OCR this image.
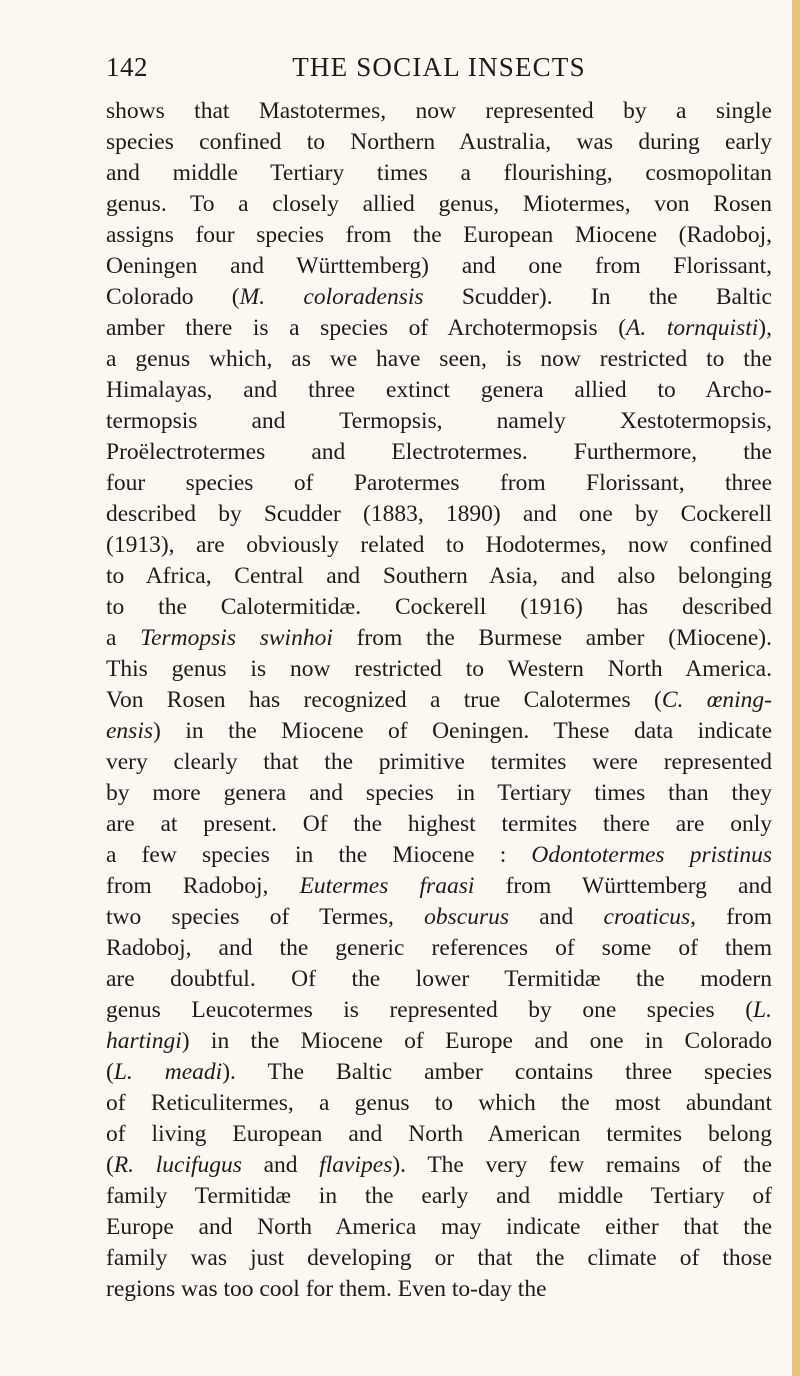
142	THE SOCIAL INSECTS
shows that Mastotermes, now represented by a single
species confined to Northern Australia, was during early
and middle Tertiary times a flourishing, cosmopolitan
genus. To a closely allied genus, Miotermes, von Rosen
assigns four species from the European Miocene (Radoboj,
Oeningen and Württemberg) and one from Florissant,
Colorado (M. coloradensis Scudder). In the Baltic
amber there is a species of Archotermopsis (A. tornquisti),
a genus which, as we have seen, is now restricted to the
Himalayas, and three extinct genera allied to Archo-
termopsis and Termopsis, namely Xestotermopsis,
Proëlectrotermes and Electrotermes. Furthermore, the
four species of Parotermes from Florissant, three
described by Scudder (1883, 1890) and one by Cockerell
(1913), are obviously related to Hodotermes, now confined
to Africa, Central and Southern Asia, and also belonging
to the Calotermitidæ. Cockerell (1916) has described
a Termopsis swinhoi from the Burmese amber (Miocene).
This genus is now restricted to Western North America.
Von Rosen has recognized a true Calotermes (C. œning-
ensis) in the Miocene of Oeningen. These data indicate
very clearly that the primitive termites were represented
by more genera and species in Tertiary times than they
are at present. Of the highest termites there are only
a few species in the Miocene : Odontotermes pristinus
from Radoboj, Eutermes fraasi from Württemberg and
two species of Termes, obscurus and croaticus, from
Radoboj, and the generic references of some of them
are doubtful. Of the lower Termitidæ the modern
genus Leucotermes is represented by one species (L.
hartingi) in the Miocene of Europe and one in Colorado
(L. meadi). The Baltic amber contains three species
of Reticulitermes, a genus to which the most abundant
of living European and North American termites belong
(R. lucifugus and flavipes). The very few remains of the
family Termitidæ in the early and middle Tertiary of
Europe and North America may indicate either that the
family was just developing or that the climate of those
regions was too cool for them. Even to-day the
